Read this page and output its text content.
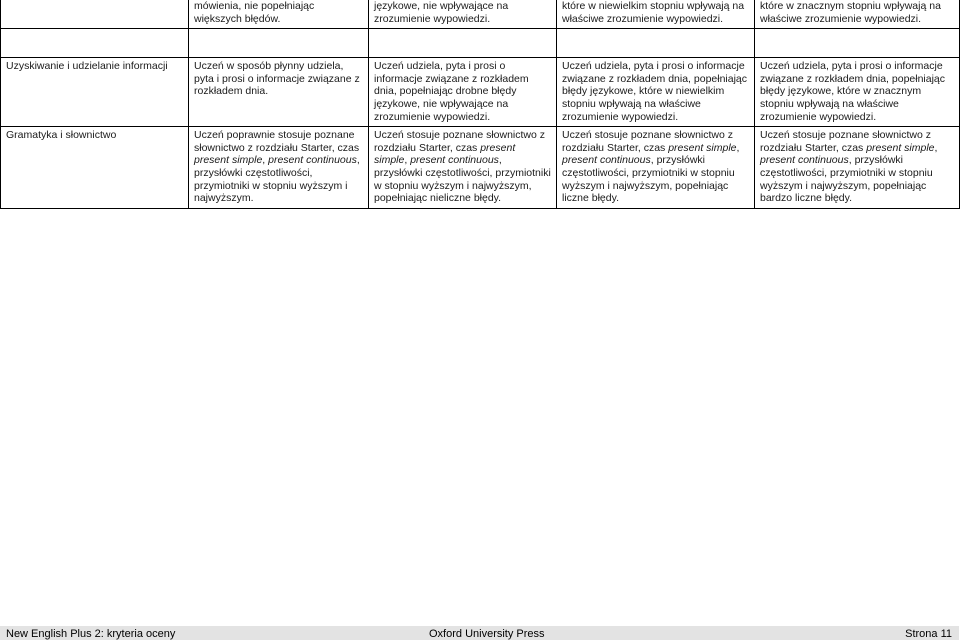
	mówienia, nie popełniając większych błędów.	językowe, nie wpływające na zrozumienie wypowiedzi.	które w niewielkim stopniu wpływają na właściwe zrozumienie wypowiedzi.	które w znacznym stopniu wpływają na właściwe zrozumienie wypowiedzi.

Uzyskiwanie i udzielanie informacji	Uczeń w sposób płynny udziela, pyta i prosi o informacje związane z rozkładem dnia.	Uczeń udziela, pyta i prosi o informacje związane z rozkładem dnia, popełniając drobne błędy językowe, nie wpływające na zrozumienie wypowiedzi.	Uczeń udziela, pyta i prosi o informacje związane z rozkładem dnia, popełniając błędy językowe, które w niewielkim stopniu wpływają na właściwe zrozumienie wypowiedzi.	Uczeń udziela, pyta i prosi o informacje związane z rozkładem dnia, popełniając błędy językowe, które w znacznym stopniu wpływają na właściwe zrozumienie wypowiedzi.
Gramatyka i słownictwo	Uczeń poprawnie stosuje poznane słownictwo z rozdziału Starter, czas present simple, present continuous, przysłówki częstotliwości, przymiotniki w stopniu wyższym i najwyższym.	Uczeń stosuje poznane słownictwo z rozdziału Starter, czas present simple, present continuous, przysłówki częstotliwości, przymiotniki w stopniu wyższym i najwyższym, popełniając nieliczne błędy.	Uczeń stosuje poznane słownictwo z rozdziału Starter, czas present simple, present continuous, przysłówki częstotliwości, przymiotniki w stopniu wyższym i najwyższym, popełniając liczne błędy.	Uczeń stosuje poznane słownictwo z rozdziału Starter, czas present simple, present continuous, przysłówki częstotliwości, przymiotniki w stopniu wyższym i najwyższym, popełniając bardzo liczne błędy.
New English Plus 2: kryteria oceny	Oxford University Press	Strona 11
